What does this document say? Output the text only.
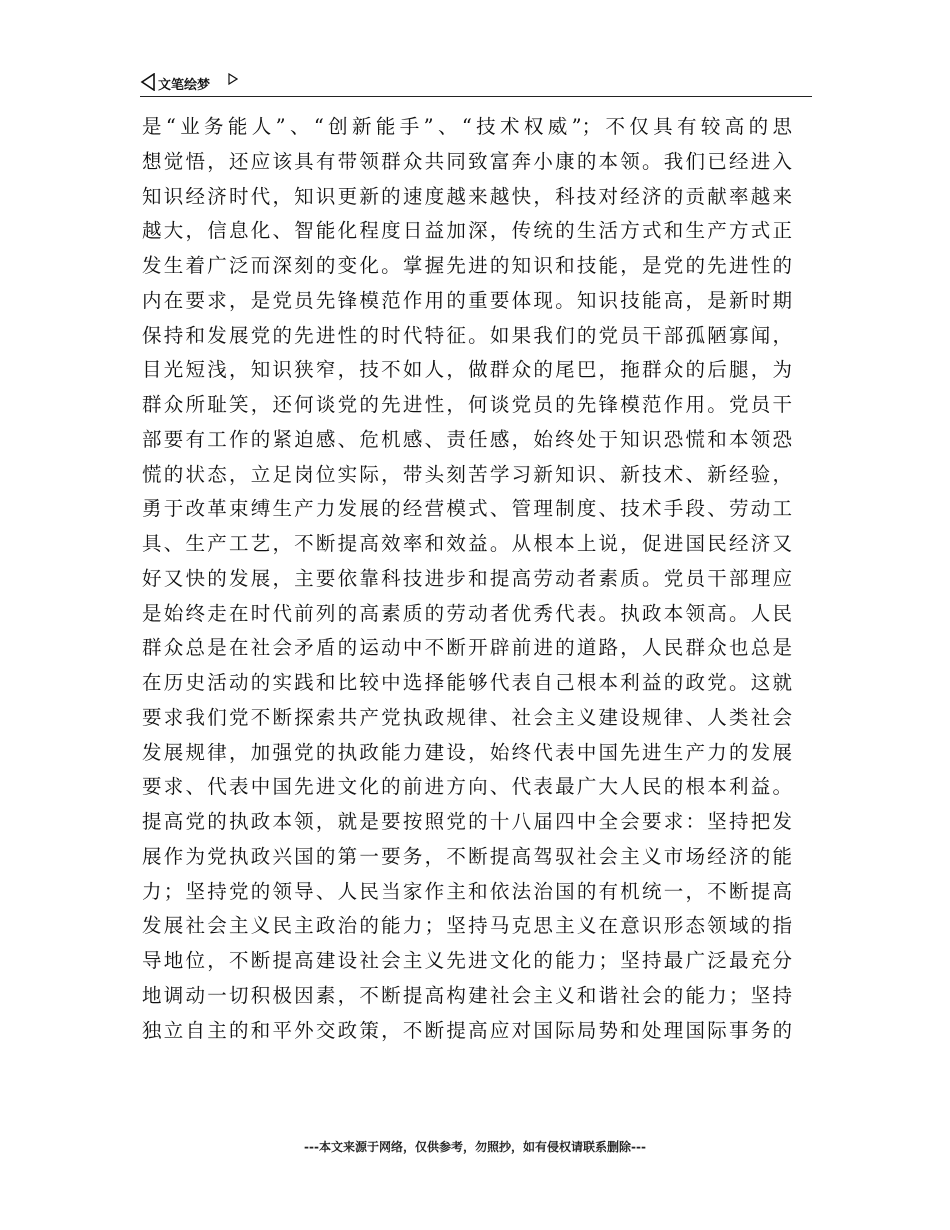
文笔绘梦
是“业务能人”、“创新能手”、“技术权威”；不仅具有较高的思
想觉悟，还应该具有带领群众共同致富奔小康的本领。我们已经进入
知识经济时代，知识更新的速度越来越快，科技对经济的贡献率越来
越大，信息化、智能化程度日益加深，传统的生活方式和生产方式正
发生着广泛而深刻的变化。掌握先进的知识和技能，是党的先进性的
内在要求，是党员先锋模范作用的重要体现。知识技能高，是新时期
保持和发展党的先进性的时代特征。如果我们的党员干部孤陋寡闻，
目光短浅，知识狭窄，技不如人，做群众的尾巴，拖群众的后腿，为
群众所耻笑，还何谈党的先进性，何谈党员的先锋模范作用。党员干
部要有工作的紧迫感、危机感、责任感，始终处于知识恐慌和本领恐
慌的状态，立足岗位实际，带头刻苦学习新知识、新技术、新经验，
勇于改革束缚生产力发展的经营模式、管理制度、技术手段、劳动工
具、生产工艺，不断提高效率和效益。从根本上说，促进国民经济又
好又快的发展，主要依靠科技进步和提高劳动者素质。党员干部理应
是始终走在时代前列的高素质的劳动者优秀代表。执政本领高。人民
群众总是在社会矛盾的运动中不断开辟前进的道路，人民群众也总是
在历史活动的实践和比较中选择能够代表自己根本利益的政党。这就
要求我们党不断探索共产党执政规律、社会主义建设规律、人类社会
发展规律，加强党的执政能力建设，始终代表中国先进生产力的发展
要求、代表中国先进文化的前进方向、代表最广大人民的根本利益。
提高党的执政本领，就是要按照党的十八届四中全会要求：坚持把发
展作为党执政兴国的第一要务，不断提高驾驭社会主义市场经济的能
力；坚持党的领导、人民当家作主和依法治国的有机统一，不断提高
发展社会主义民主政治的能力；坚持马克思主义在意识形态领域的指
导地位，不断提高建设社会主义先进文化的能力；坚持最广泛最充分
地调动一切积极因素，不断提高构建社会主义和谐社会的能力；坚持
独立自主的和平外交政策，不断提高应对国际局势和处理国际事务的
---本文来源于网络，仅供参考，勿照抄，如有侵权请联系删除---
